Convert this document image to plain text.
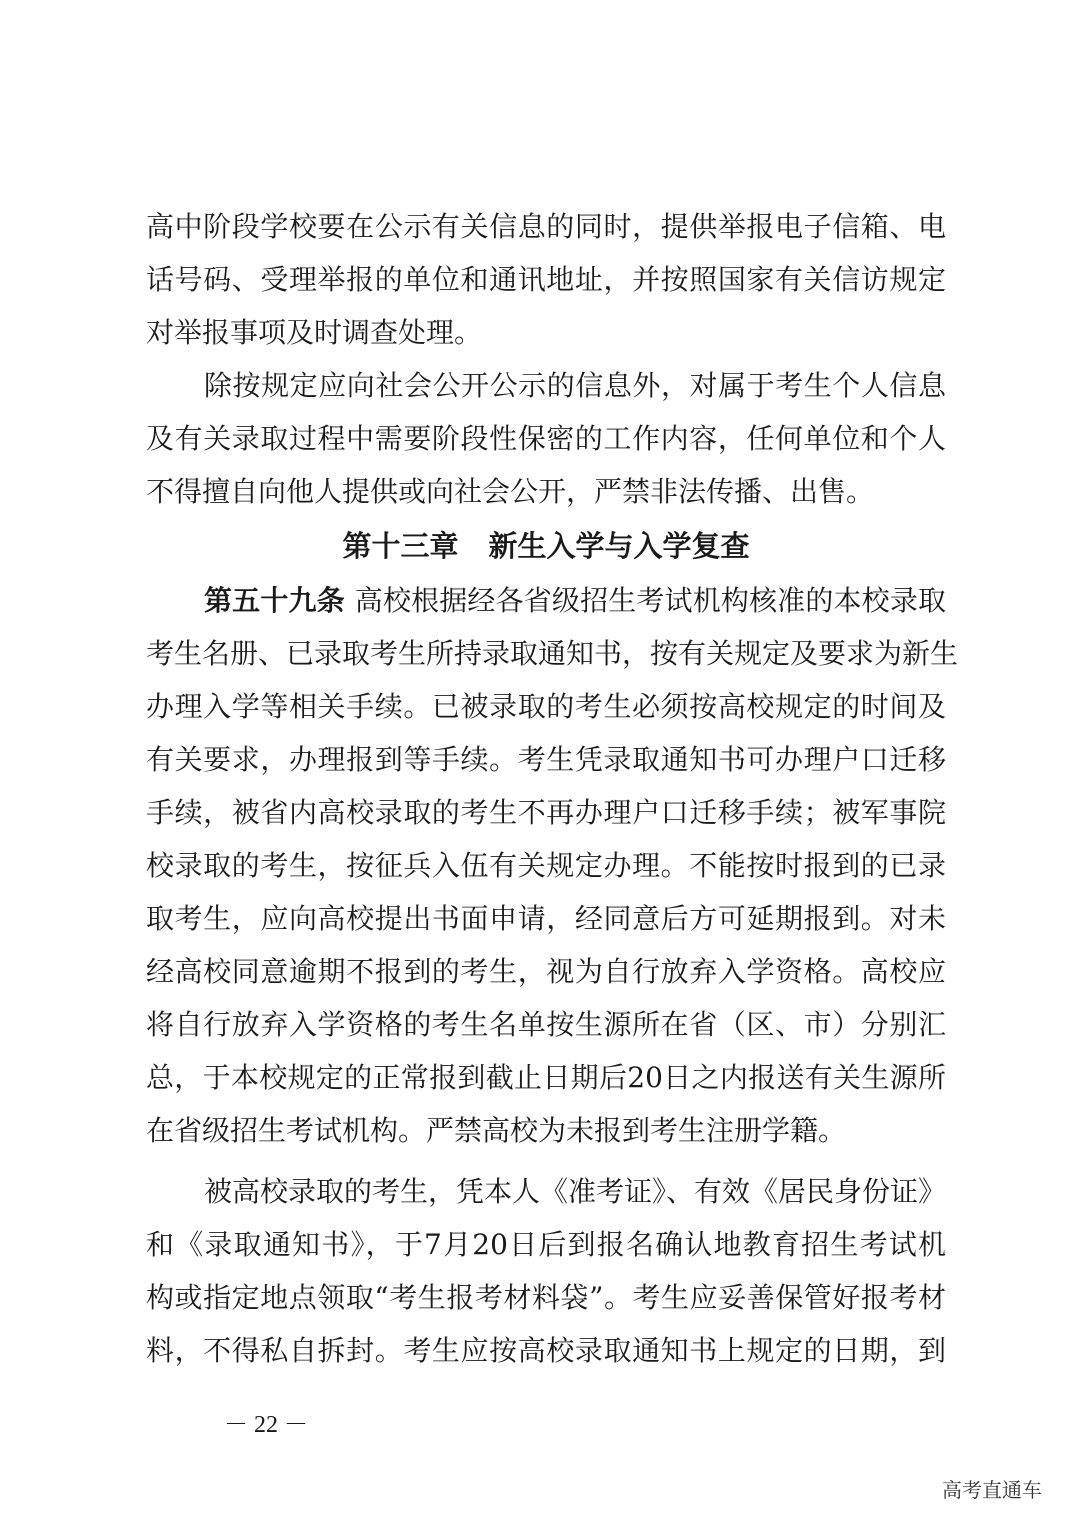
高中阶段学校要在公示有关信息的同时，提供举报电子信箱、电
话号码、受理举报的单位和通讯地址，并按照国家有关信访规定
对举报事项及时调查处理。
除按规定应向社会公开公示的信息外，对属于考生个人信息
及有关录取过程中需要阶段性保密的工作内容，任何单位和个人
不得擅自向他人提供或向社会公开，严禁非法传播、出售。
第十三章 新生入学与入学复查
第五十九条 高校根据经各省级招生考试机构核准的本校录取
考生名册、已录取考生所持录取通知书，按有关规定及要求为新生
办理入学等相关手续。已被录取的考生必须按高校规定的时间及
有关要求，办理报到等手续。考生凭录取通知书可办理户口迁移
手续，被省内高校录取的考生不再办理户口迁移手续；被军事院
校录取的考生，按征兵入伍有关规定办理。不能按时报到的已录
取考生，应向高校提出书面申请，经同意后方可延期报到。对未
经高校同意逾期不报到的考生，视为自行放弃入学资格。高校应
将自行放弃入学资格的考生名单按生源所在省（区、市）分别汇
总，于本校规定的正常报到截止日期后20日之内报送有关生源所
在省级招生考试机构。严禁高校为未报到考生注册学籍。
被高校录取的考生，凭本人《准考证》、有效《居民身份证》
和《录取通知书》，于7月20日后到报名确认地教育招生考试机
构或指定地点领取“考生报考材料袋”。考生应妥善保管好报考材
料，不得私自拆封。考生应按高校录取通知书上规定的日期，到
－ 22 －
高考直通车
